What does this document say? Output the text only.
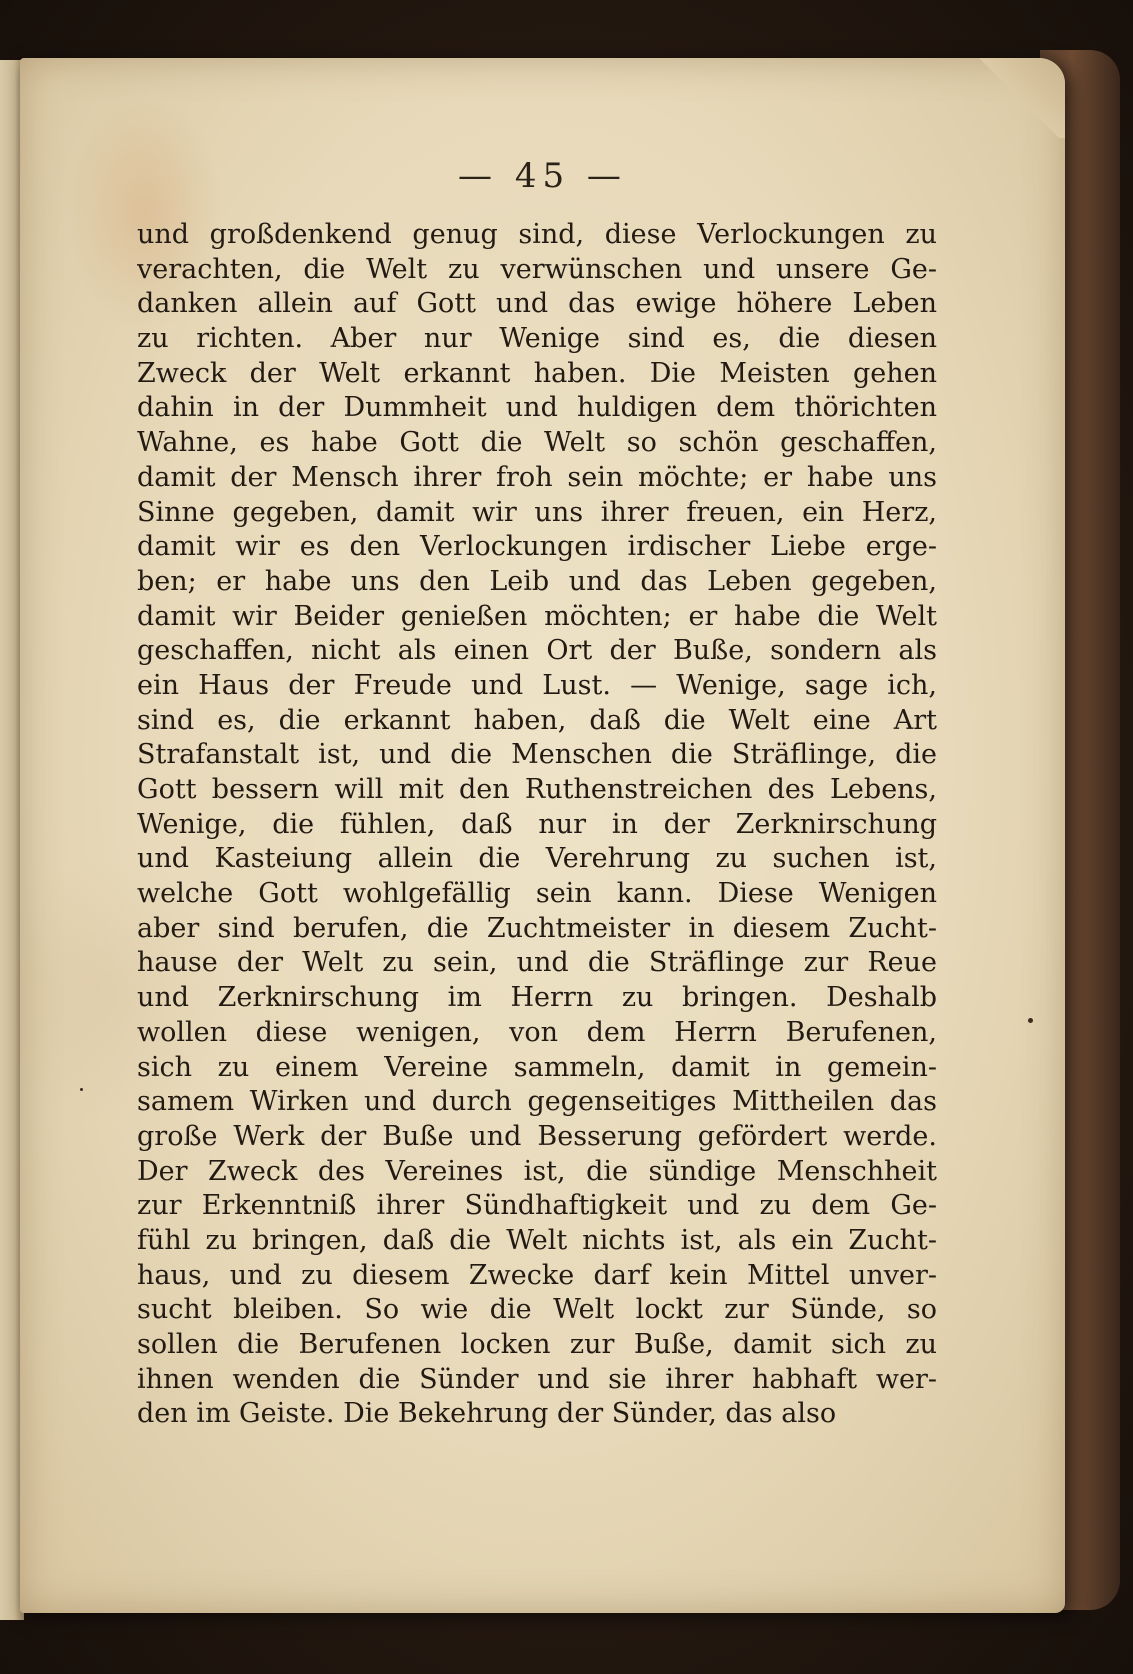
— 45 —
und großdenkend genug sind, diese Verlockungen zu
verachten, die Welt zu verwünschen und unsere Ge-
danken allein auf Gott und das ewige höhere Leben
zu richten. Aber nur Wenige sind es, die diesen
Zweck der Welt erkannt haben. Die Meisten gehen
dahin in der Dummheit und huldigen dem thörichten
Wahne, es habe Gott die Welt so schön geschaffen,
damit der Mensch ihrer froh sein möchte; er habe uns
Sinne gegeben, damit wir uns ihrer freuen, ein Herz,
damit wir es den Verlockungen irdischer Liebe erge-
ben; er habe uns den Leib und das Leben gegeben,
damit wir Beider genießen möchten; er habe die Welt
geschaffen, nicht als einen Ort der Buße, sondern als
ein Haus der Freude und Lust. — Wenige, sage ich,
sind es, die erkannt haben, daß die Welt eine Art
Strafanstalt ist, und die Menschen die Sträflinge, die
Gott bessern will mit den Ruthenstreichen des Lebens,
Wenige, die fühlen, daß nur in der Zerknirschung
und Kasteiung allein die Verehrung zu suchen ist,
welche Gott wohlgefällig sein kann. Diese Wenigen
aber sind berufen, die Zuchtmeister in diesem Zucht-
hause der Welt zu sein, und die Sträflinge zur Reue
und Zerknirschung im Herrn zu bringen. Deshalb
wollen diese wenigen, von dem Herrn Berufenen,
sich zu einem Vereine sammeln, damit in gemein-
samem Wirken und durch gegenseitiges Mittheilen das
große Werk der Buße und Besserung gefördert werde.
Der Zweck des Vereines ist, die sündige Menschheit
zur Erkenntniß ihrer Sündhaftigkeit und zu dem Ge-
fühl zu bringen, daß die Welt nichts ist, als ein Zucht-
haus, und zu diesem Zwecke darf kein Mittel unver-
sucht bleiben. So wie die Welt lockt zur Sünde, so
sollen die Berufenen locken zur Buße, damit sich zu
ihnen wenden die Sünder und sie ihrer habhaft wer-
den im Geiste. Die Bekehrung der Sünder, das also
